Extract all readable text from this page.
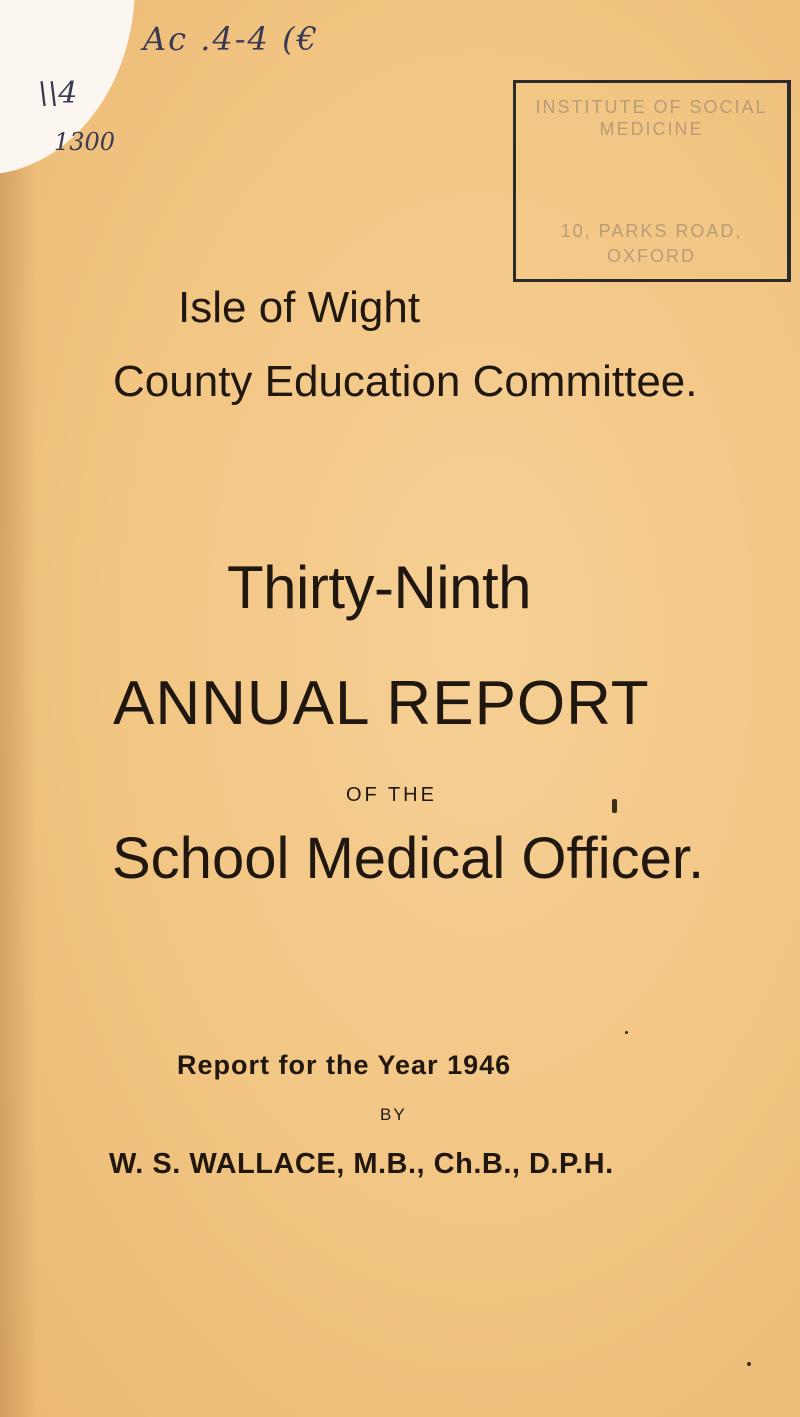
Ac .4-4 (€
\\4
1300
INSTITUTE OF SOCIAL
MEDICINE
10, PARKS ROAD,
OXFORD
Isle of Wight
County Education Committee.
Thirty-Ninth
ANNUAL REPORT
OF THE
School Medical Officer.
Report for the Year 1946
BY
W. S. WALLACE, M.B., Ch.B., D.P.H.
